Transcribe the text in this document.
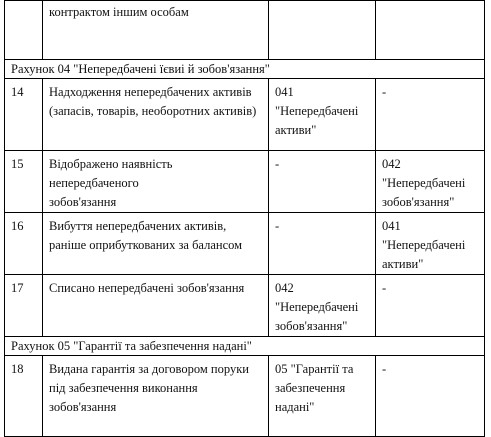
	контрактом іншим особам		
Рахунок 04 "Непередбачені їєвиі й зобов'язання"			
14	Надходження непередбачених активів
(запасів, товарів, необоротних активів)	041
"Непередбачені
активи"	-
15	Відображено наявність непередбаченого
зобов'язання	-	042
"Непередбачені
зобов'язання"
16	Вибуття непередбачених активів,
раніше оприбуткованих за балансом	-	041
"Непередбачені
активи"
17	Списано непередбачені зобов'язання	042
"Непередбачені
зобов'язання"	-
Рахунок 05 "Гарантії та забезпечення надані"			
18	Видана гарантія за договором поруки
під забезпечення виконання
зобов'язання	05 "Гарантії та
забезпечення
надані"	-
